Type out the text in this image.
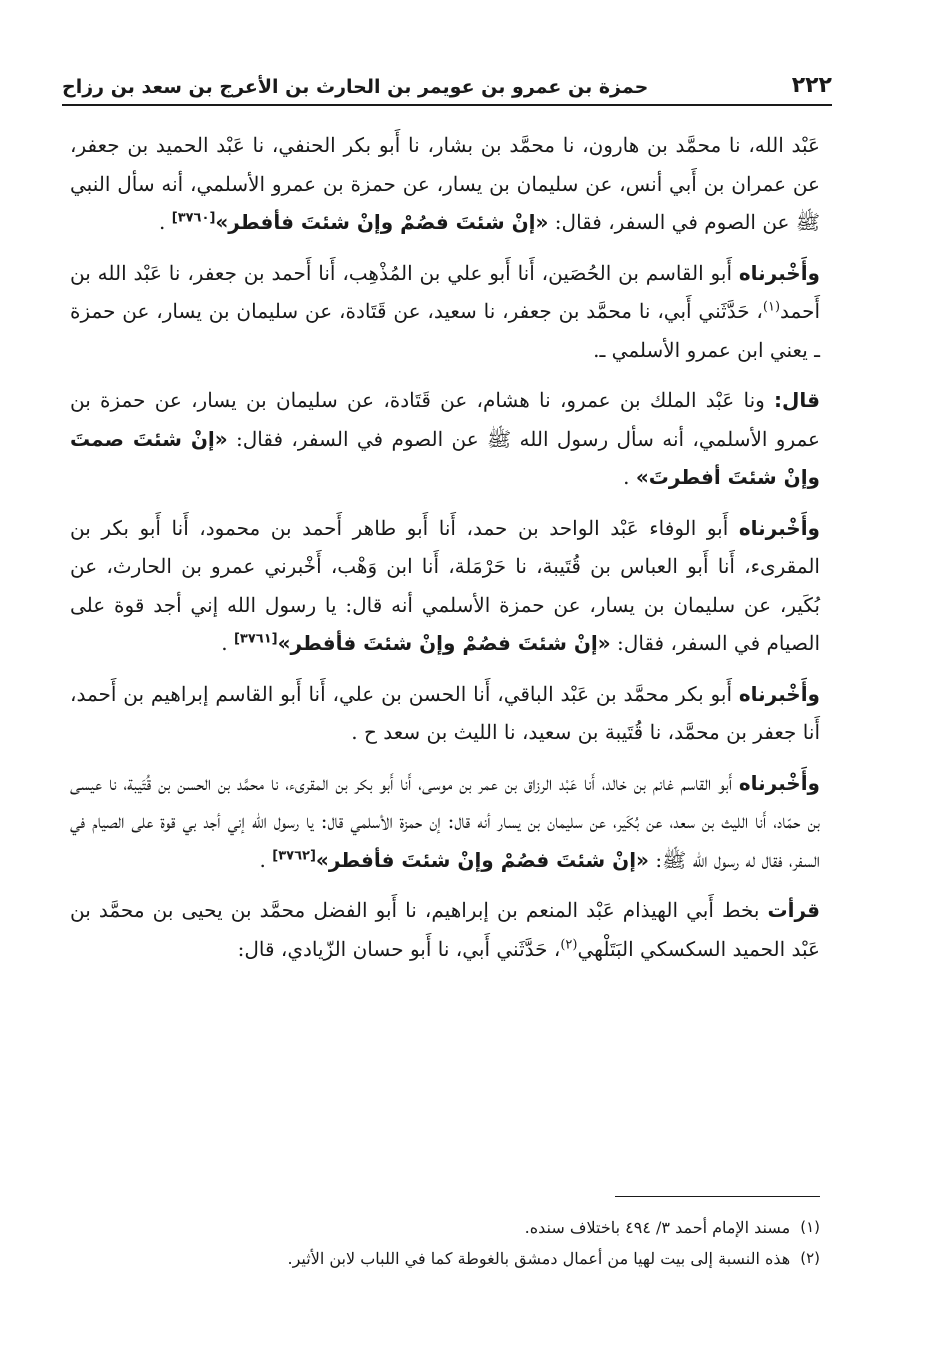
٢٢٢
حمزة بن عمرو بن عويمر بن الحارث بن الأعرج بن سعد بن رزاح

عَبْد الله، نا محمَّد بن هارون، نا محمَّد بن بشار، نا أَبو بكر الحنفي، نا عَبْد الحميد بن جعفر، عن عمران بن أَبي أنس، عن سليمان بن يسار، عن حمزة بن عمرو الأسلمي، أنه سأل النبي ﷺ عن الصوم في السفر، فقال: «إنْ شئتَ فصُمْ وإنْ شئتَ فأفطر»[٣٧٦٠] .

وأَخْبرناه أَبو القاسم بن الحُصَين، أَنا أَبو علي بن المُذْهِب، أَنا أَحمد بن جعفر، نا عَبْد الله بن أَحمد$^{(١)}$، حَدَّثَني أَبي، نا محمَّد بن جعفر، نا سعيد، عن قَتَادة، عن سليمان بن يسار، عن حمزة ـ يعني ابن عمرو الأسلمي ـ.

قال: ونا عَبْد الملك بن عمرو، نا هشام، عن قَتَادة، عن سليمان بن يسار، عن حمزة بن عمرو الأسلمي، أنه سأل رسول الله ﷺ عن الصوم في السفر، فقال: «إنْ شئتَ صمتَ وإنْ شئتَ أفطرتَ» .

وأَخْبرناه أَبو الوفاء عَبْد الواحد بن حمد، أَنا أَبو طاهر أَحمد بن محمود، أَنا أَبو بكر بن المقرىء، أَنا أَبو العباس بن قُتَيبة، نا حَرْمَلة، أَنا ابن وَهْب، أَخْبرني عمرو بن الحارث، عن بُكَير، عن سليمان بن يسار، عن حمزة الأسلمي أنه قال: يا رسول الله إني أجد قوة على الصيام في السفر، فقال: «إنْ شئتَ فصُمْ وإنْ شئتَ فأفطر»[٣٧٦١] .

وأَخْبرناه أَبو بكر محمَّد بن عَبْد الباقي، أَنا الحسن بن علي، أَنا أَبو القاسم إبراهيم بن أَحمد، أَنا جعفر بن محمَّد، نا قُتَيبة بن سعيد، نا الليث بن سعد ح .

وأَخْبرناه أَبو القاسم غانم بن خالد، أَنا عَبْد الرزاق بن عمر بن موسى، أَنا أَبو بكر بن المقرىء، نا محمَّد بن الحسن بن قُتَيبة، نا عيسى بن حمّاد، أَنا الليث بن سعد، عن بُكَير، عن سليمان بن يسار أنه قال: إن حمزة الأسلمي قال: يا رسول الله إني أجد بي قوة على الصيام في السفر، فقال له رسول الله ﷺ: «إنْ شئتَ فصُمْ وإنْ شئتَ فأفطر»[٣٧٦٢] .

قرأت بخط أَبي الهيذام عَبْد المنعم بن إبراهيم، نا أَبو الفضل محمَّد بن يحيى بن محمَّد بن عَبْد الحميد السكسكي البَتَلْهي$^{(٢)}$، حَدَّثَني أَبي، نا أَبو حسان الزّيادي، قال:

(١)
مسند الإمام أحمد ٣/ ٤٩٤ باختلاف سنده.

(٢)
هذه النسبة إلى بيت لهيا من أعمال دمشق بالغوطة كما في اللباب لابن الأثير.
